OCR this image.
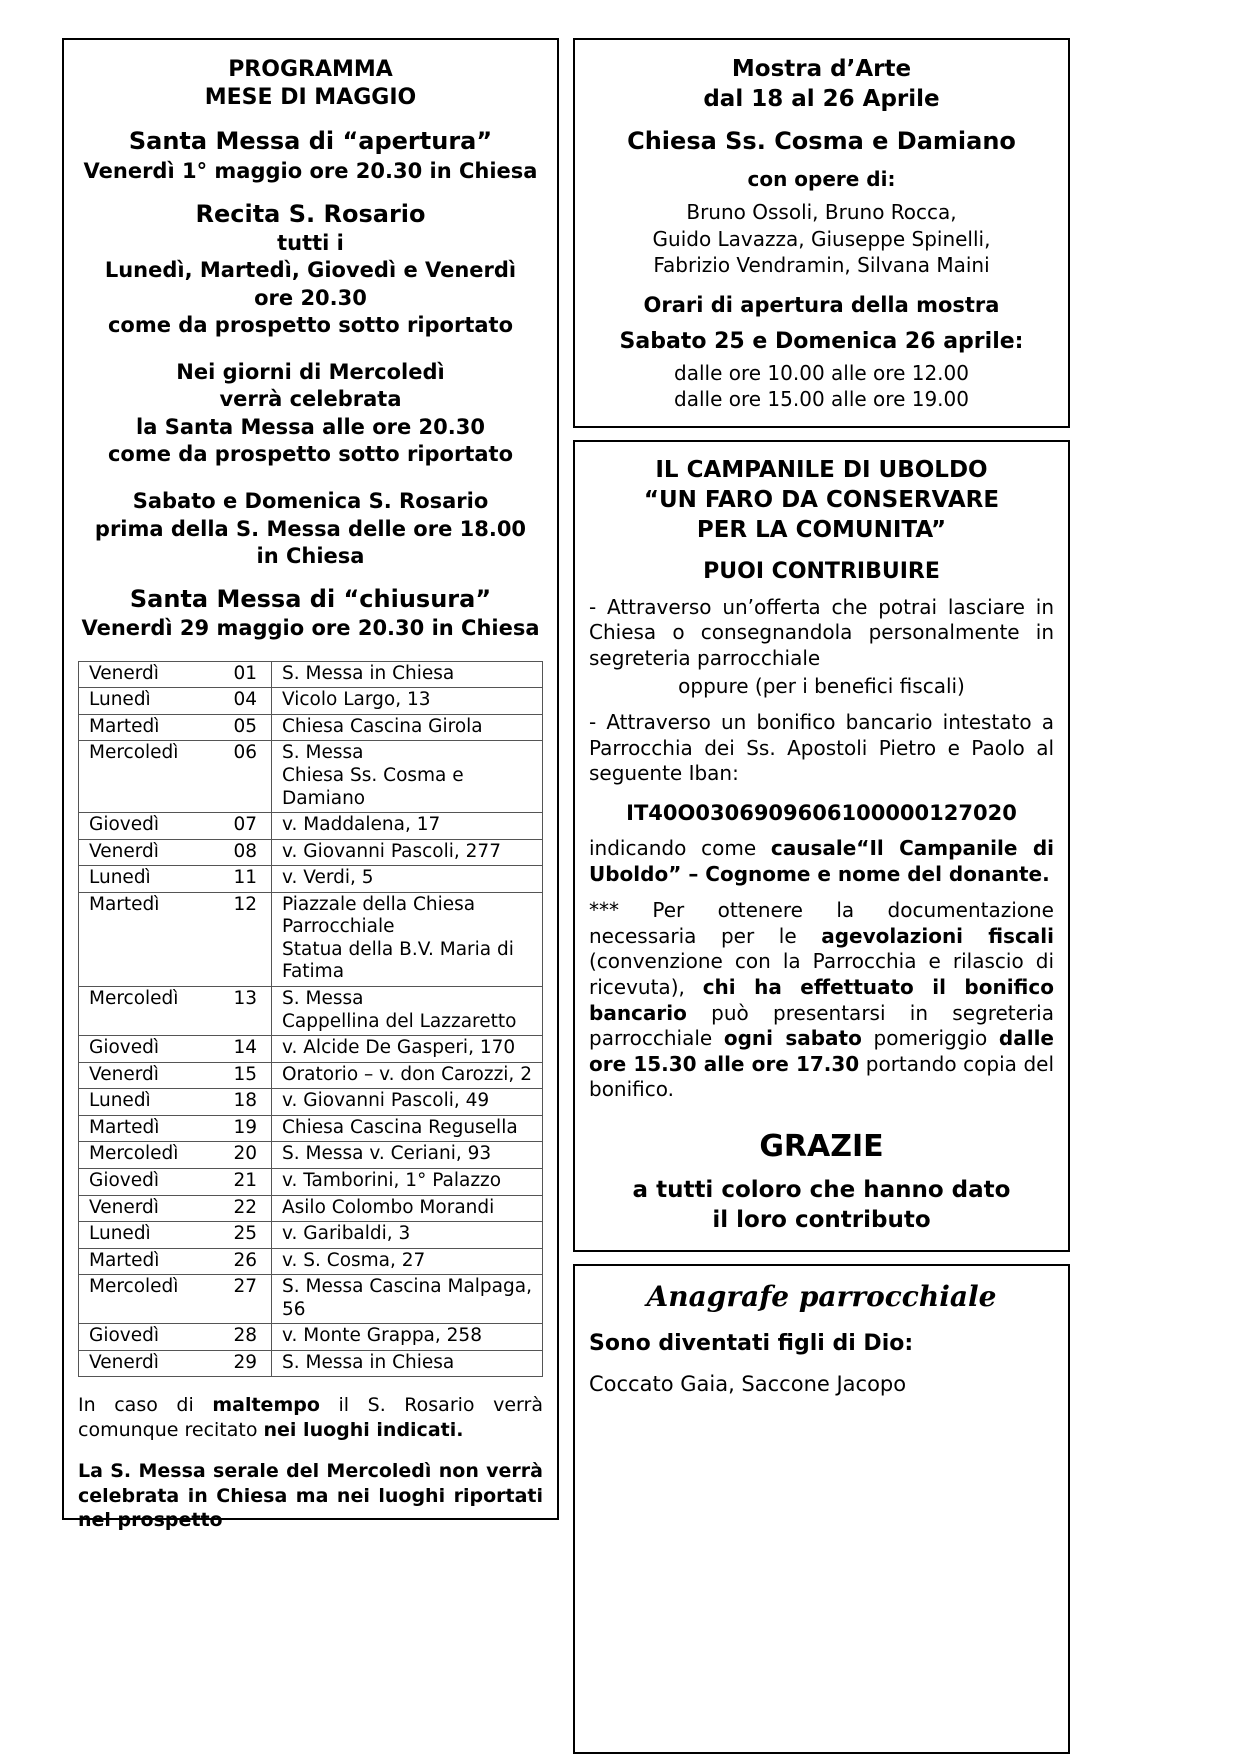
PROGRAMMA
MESE DI MAGGIO
Santa Messa di “apertura”
Venerdì 1° maggio ore 20.30 in Chiesa
Recita S. Rosario
tutti i
Lunedì, Martedì, Giovedì e Venerdì
ore 20.30
come da prospetto sotto riportato
Nei giorni di Mercoledì
verrà celebrata
la Santa Messa alle ore 20.30
come da prospetto sotto riportato
Sabato e Domenica S. Rosario
prima della S. Messa delle ore 18.00
in Chiesa
Santa Messa di “chiusura”
Venerdì 29 maggio ore 20.30 in Chiesa
Venerdì	01	S. Messa in Chiesa

Lunedì	04	Vicolo Largo, 13

Martedì	05	Chiesa Cascina Girola

Mercoledì	06	S. Messa
Chiesa Ss. Cosma e Damiano

Giovedì	07	v. Maddalena, 17

Venerdì	08	v. Giovanni Pascoli, 277

Lunedì	11	v. Verdi, 5

Martedì	12	Piazzale della Chiesa Parrocchiale
Statua della B.V. Maria di Fatima

Mercoledì	13	S. Messa
Cappellina del Lazzaretto

Giovedì	14	v. Alcide De Gasperi, 170

Venerdì	15	Oratorio – v. don Carozzi, 2

Lunedì	18	v. Giovanni Pascoli, 49

Martedì	19	Chiesa Cascina Regusella

Mercoledì	20	S. Messa v. Ceriani, 93

Giovedì	21	v. Tamborini, 1° Palazzo

Venerdì	22	Asilo Colombo Morandi

Lunedì	25	v. Garibaldi, 3

Martedì	26	v. S. Cosma, 27

Mercoledì	27	S. Messa Cascina Malpaga, 56

Giovedì	28	v. Monte Grappa, 258

Venerdì	29	S. Messa in Chiesa
In caso di maltempo il S. Rosario verrà comunque recitato nei luoghi indicati.
La S. Messa serale del Mercoledì non verrà celebrata in Chiesa ma nei luoghi riportati nel prospetto
Mostra d’Arte
dal 18 al 26 Aprile
Chiesa Ss. Cosma e Damiano
con opere di:
Bruno Ossoli, Bruno Rocca,
Guido Lavazza, Giuseppe Spinelli,
Fabrizio Vendramin, Silvana Maini
Orari di apertura della mostra
Sabato 25 e Domenica 26 aprile:
dalle ore 10.00 alle ore 12.00
dalle ore 15.00 alle ore 19.00
IL CAMPANILE DI UBOLDO
“UN FARO DA CONSERVARE
PER LA COMUNITA”
PUOI CONTRIBUIRE
- Attraverso un’offerta che potrai lasciare in Chiesa o consegnandola personalmente in segreteria parrocchiale
oppure (per i benefici fiscali)
- Attraverso un bonifico bancario intestato a Parrocchia dei Ss. Apostoli Pietro e Paolo al seguente Iban:
IT40O0306909606100000127020
indicando come causale“Il Campanile di Uboldo” – Cognome e nome del donante.
*** Per ottenere la documentazione necessaria per le agevolazioni fiscali (convenzione con la Parrocchia e rilascio di ricevuta), chi ha effettuato il bonifico bancario può presentarsi in segreteria parrocchiale ogni sabato pomeriggio dalle ore 15.30 alle ore 17.30 portando copia del bonifico.
GRAZIE
a tutti coloro che hanno dato
il loro contributo
Anagrafe parrocchiale
Sono diventati figli di Dio:
Coccato Gaia, Saccone Jacopo
